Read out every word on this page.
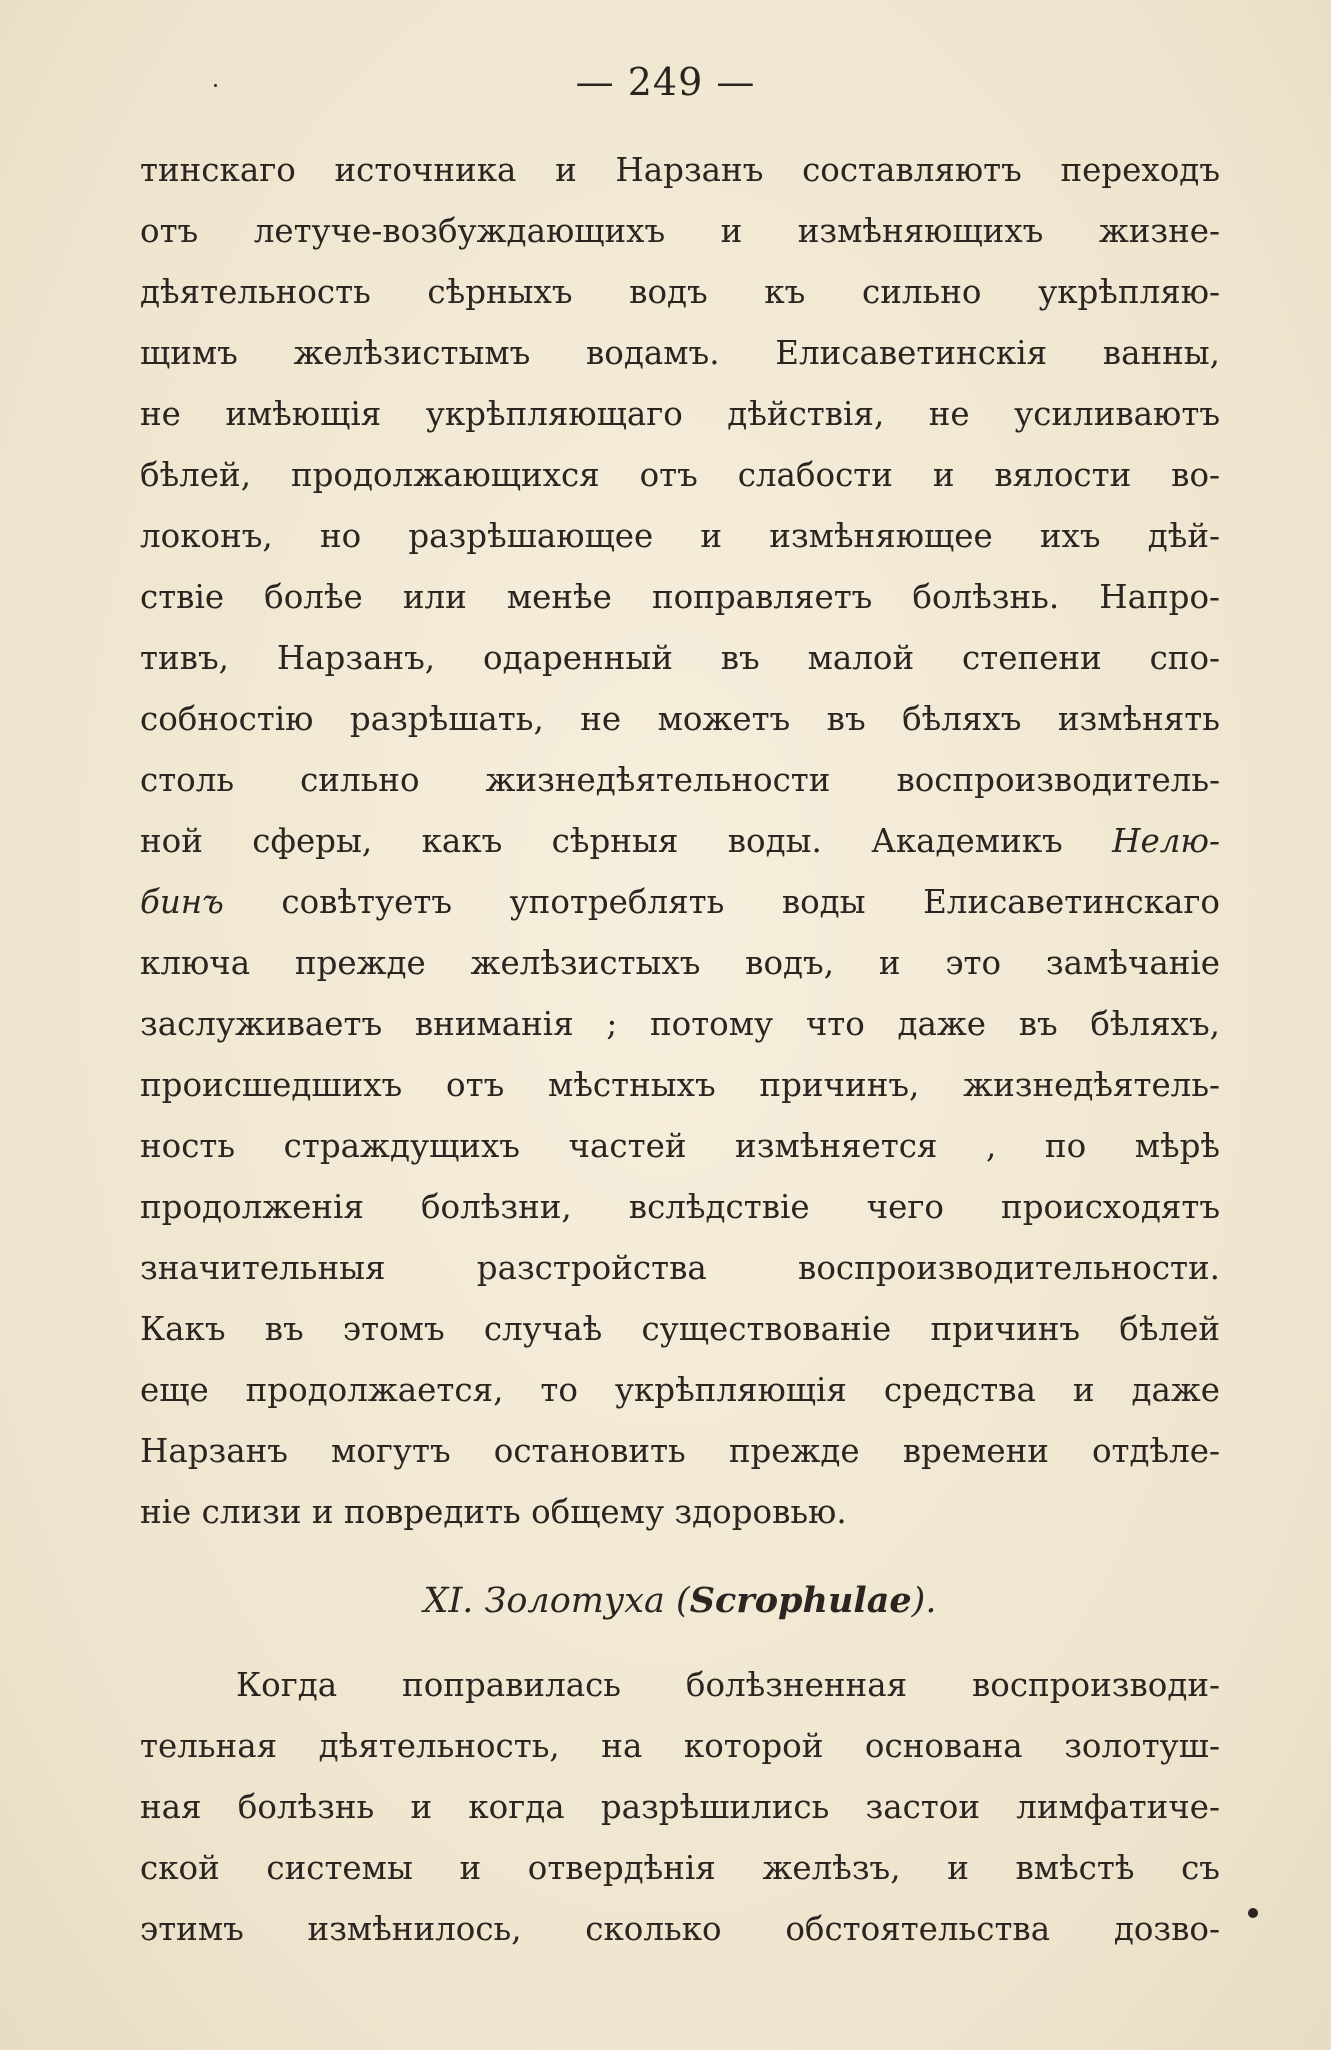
— 249 —
тинскаго источника и Нарзанъ составляютъ переходъ
отъ летуче-возбуждающихъ и измѣняющихъ жизне-
дѣятельность сѣрныхъ водъ къ сильно укрѣпляю-
щимъ желѣзистымъ водамъ. Елисаветинскія ванны,
не имѣющія укрѣпляющаго дѣйствія, не усиливаютъ
бѣлей, продолжающихся отъ слабости и вялости во-
локонъ, но разрѣшающее и измѣняющее ихъ дѣй-
ствіе болѣе или менѣе поправляетъ болѣзнь. Напро-
тивъ, Нарзанъ, одаренный въ малой степени спо-
собностію разрѣшать, не можетъ въ бѣляхъ измѣнять
столь сильно жизнедѣятельности воспроизводитель-
ной сферы, какъ сѣрныя воды. Академикъ Нелю-
бинъ совѣтуетъ употреблять воды Елисаветинскаго
ключа прежде желѣзистыхъ водъ, и это замѣчаніе
заслуживаетъ вниманія ; потому что даже въ бѣляхъ,
происшедшихъ отъ мѣстныхъ причинъ, жизнедѣятель-
ность страждущихъ частей измѣняется , по мѣрѣ
продолженія болѣзни, вслѣдствіе чего происходятъ
значительныя разстройства воспроизводительности.
Какъ въ этомъ случаѣ существованіе причинъ бѣлей
еще продолжается, то укрѣпляющія средства и даже
Нарзанъ могутъ остановить прежде времени отдѣле-
ніе слизи и повредить общему здоровью.
XI. Золотуха (Scrophulae).
Когда поправилась болѣзненная воспроизводи-
тельная дѣятельность, на которой основана золотуш-
ная болѣзнь и когда разрѣшились застои лимфатиче-
ской системы и отвердѣнія желѣзъ, и вмѣстѣ съ
этимъ измѣнилось, сколько обстоятельства дозво-
